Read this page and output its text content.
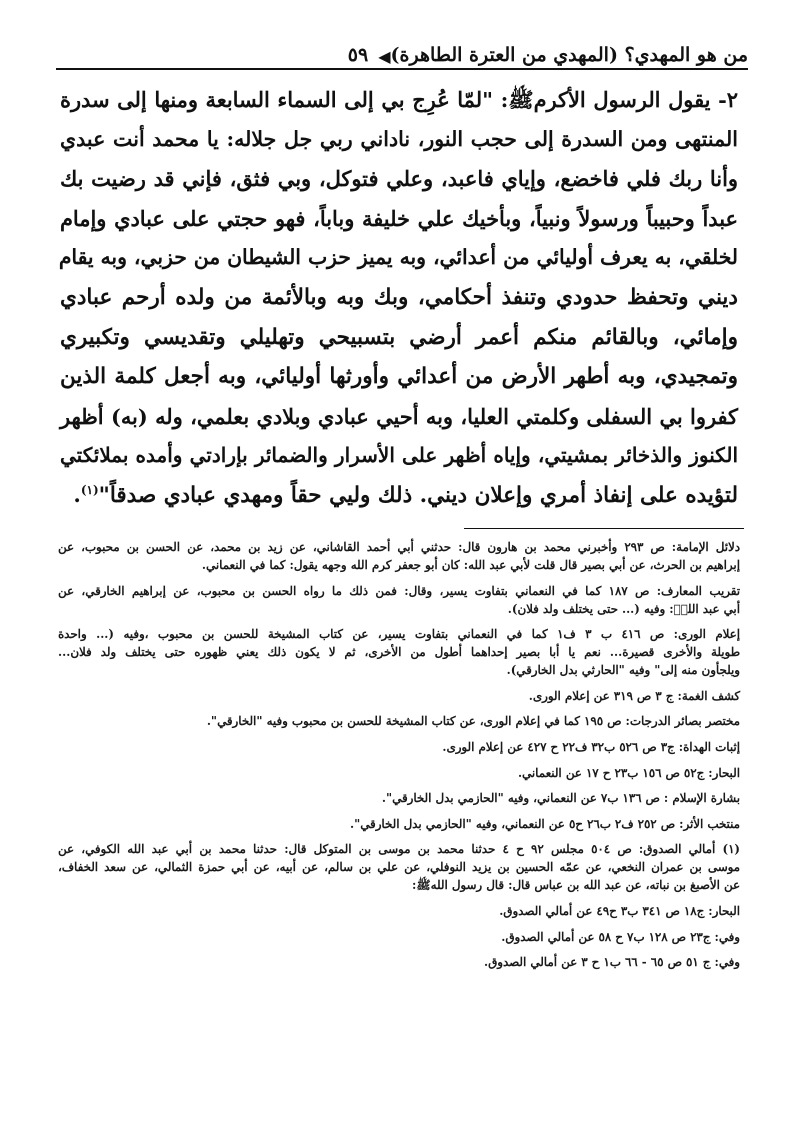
من هو المهدي؟ (المهدي من العترة الطاهرة)
◀
٥٩
٢- يقول الرسول الأكرمﷺ: "لمّا عُرِج بي إلى السماء السابعة ومنها إلى سدرة
المنتهى ومن السدرة إلى حجب النور، ناداني ربي جل جلاله: يا محمد أنت عبدي
وأنا ربك فلي فاخضع، وإياي فاعبد، وعلي فتوكل، وبي فثق، فإني قد رضيت بك
عبداً وحبيباً ورسولاً ونبياً، وبأخيك علي خليفة وباباً، فهو حجتي على عبادي وإمام
لخلقي، به يعرف أوليائي من أعدائي، وبه يميز حزب الشيطان من حزبي، وبه يقام
ديني وتحفظ حدودي وتنفذ أحكامي، وبك وبه وبالأئمة من ولده أرحم عبادي
وإمائي، وبالقائم منكم أعمر أرضي بتسبيحي وتهليلي وتقديسي وتكبيري
وتمجيدي، وبه أطهر الأرض من أعدائي وأورثها أوليائي، وبه أجعل كلمة الذين
كفروا بي السفلى وكلمتي العليا، وبه أحيي عبادي وبلادي بعلمي، وله (به) أظهر
الكنوز والذخائر بمشيتي، وإياه أظهر على الأسرار والضمائر بإرادتي وأمده بملائكتي
لتؤيده على إنفاذ أمري وإعلان ديني. ذلك وليي حقاً ومهدي عبادي صدقاً"$^{(١)}$.
دلائل الإمامة: ص ٢٩٣ وأخبرني محمد بن هارون قال: حدثني أبي أحمد القاشاني، عن زيد بن محمد، عن الحسن بن محبوب، عن
إبراهيم بن الحرث، عن أبي بصير قال قلت لأبي عبد الله: كان أبو جعفر كرم الله وجهه يقول: كما في النعماني.
تقريب المعارف: ص ١٨٧ كما في النعماني بتفاوت يسير، وقال: فمن ذلك ما رواه الحسن بن محبوب، عن إبراهيم الخارقي، عن
أبي عبد اللهؑ: وفيه (... حتى يختلف ولد فلان).
إعلام الورى: ص ٤١٦ ب ٣ ف١ كما في النعماني بتفاوت يسير، عن كتاب المشيخة للحسن بن محبوب ،وفيه (... واحدة
طويلة والأخرى قصيرة... نعم يا أبا بصير إحداهما أطول من الأخرى، ثم لا يكون ذلك يعني ظهوره حتى يختلف ولد فلان...
ويلجأون منه إلى" وفيه "الحارثي بدل الخارقي).
كشف الغمة: ج ٣ ص ٣١٩ عن إعلام الورى.
مختصر بصائر الدرجات: ص ١٩٥ كما في إعلام الورى، عن كتاب المشيخة للحسن بن محبوب وفيه "الخارقي".
إثبات الهداة: ج٣ ص ٥٢٦ ب٣٢ ف٢٢ ح ٤٢٧ عن إعلام الورى.
البحار: ج٥٢ ص ١٥٦ ب٢٣ ح ١٧ عن النعماني.
بشارة الإسلام : ص ١٣٦ ب٧ عن النعماني، وفيه "الحازمي بدل الخارقي".
منتخب الأثر: ص ٢٥٢ ف٢ ب٢٦ ح٥ عن النعماني، وفيه "الحازمي بدل الخارقي".
(١) أمالي الصدوق: ص ٥٠٤ مجلس ٩٢ ح ٤ حدثنا محمد بن موسى بن المتوكل قال: حدثنا محمد بن أبي عبد الله الكوفي، عن
موسى بن عمران النخعي، عن عمّه الحسين بن يزيد النوفلي، عن علي بن سالم، عن أبيه، عن أبي حمزة الثمالي، عن سعد الخفاف،
عن الأصبغ بن نباته، عن عبد الله بن عباس قال: قال رسول اللهﷺ:
البحار: ج١٨ ص ٣٤١ ب٣ ح٤٩ عن أمالي الصدوق.
وفي: ج٢٣ ص ١٢٨ ب٧ ح ٥٨ عن أمالي الصدوق.
وفي: ج ٥١ ص ٦٥ - ٦٦ ب١ ح ٣ عن أمالي الصدوق.
